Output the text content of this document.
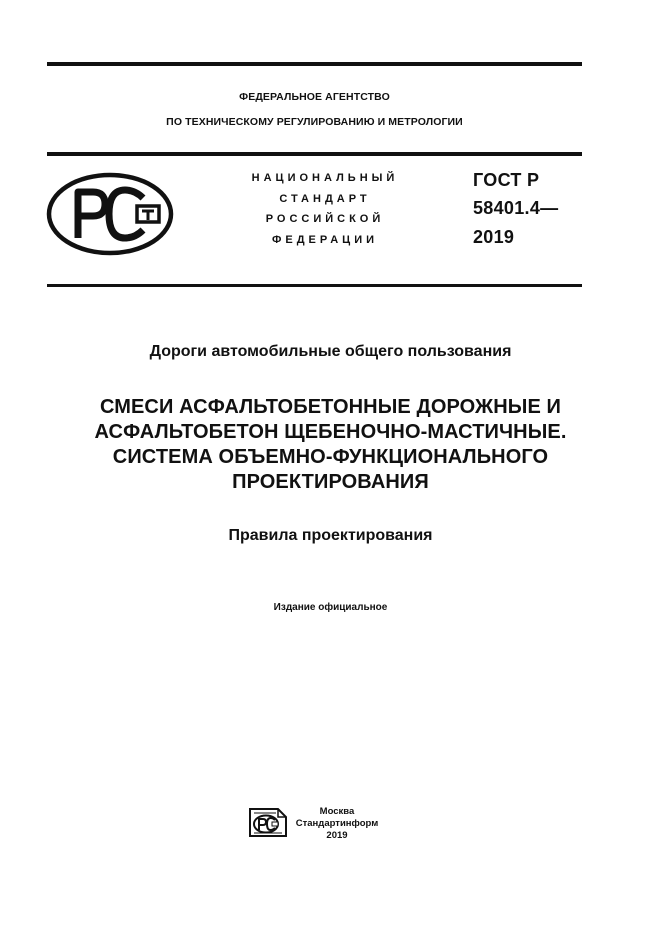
ФЕДЕРАЛЬНОЕ АГЕНТСТВО
ПО ТЕХНИЧЕСКОМУ РЕГУЛИРОВАНИЮ И МЕТРОЛОГИИ
НАЦИОНАЛЬНЫЙ
СТАНДАРТ
РОССИЙСКОЙ
ФЕДЕРАЦИИ
ГОСТ Р
58401.4—
2019
Дороги автомобильные общего пользования
СМЕСИ АСФАЛЬТОБЕТОННЫЕ ДОРОЖНЫЕ И
АСФАЛЬТОБЕТОН ЩЕБЕНОЧНО-МАСТИЧНЫЕ.
СИСТЕМА ОБЪЕМНО-ФУНКЦИОНАЛЬНОГО
ПРОЕКТИРОВАНИЯ
Правила проектирования
Издание официальное
Москва
Стандартинформ
2019
